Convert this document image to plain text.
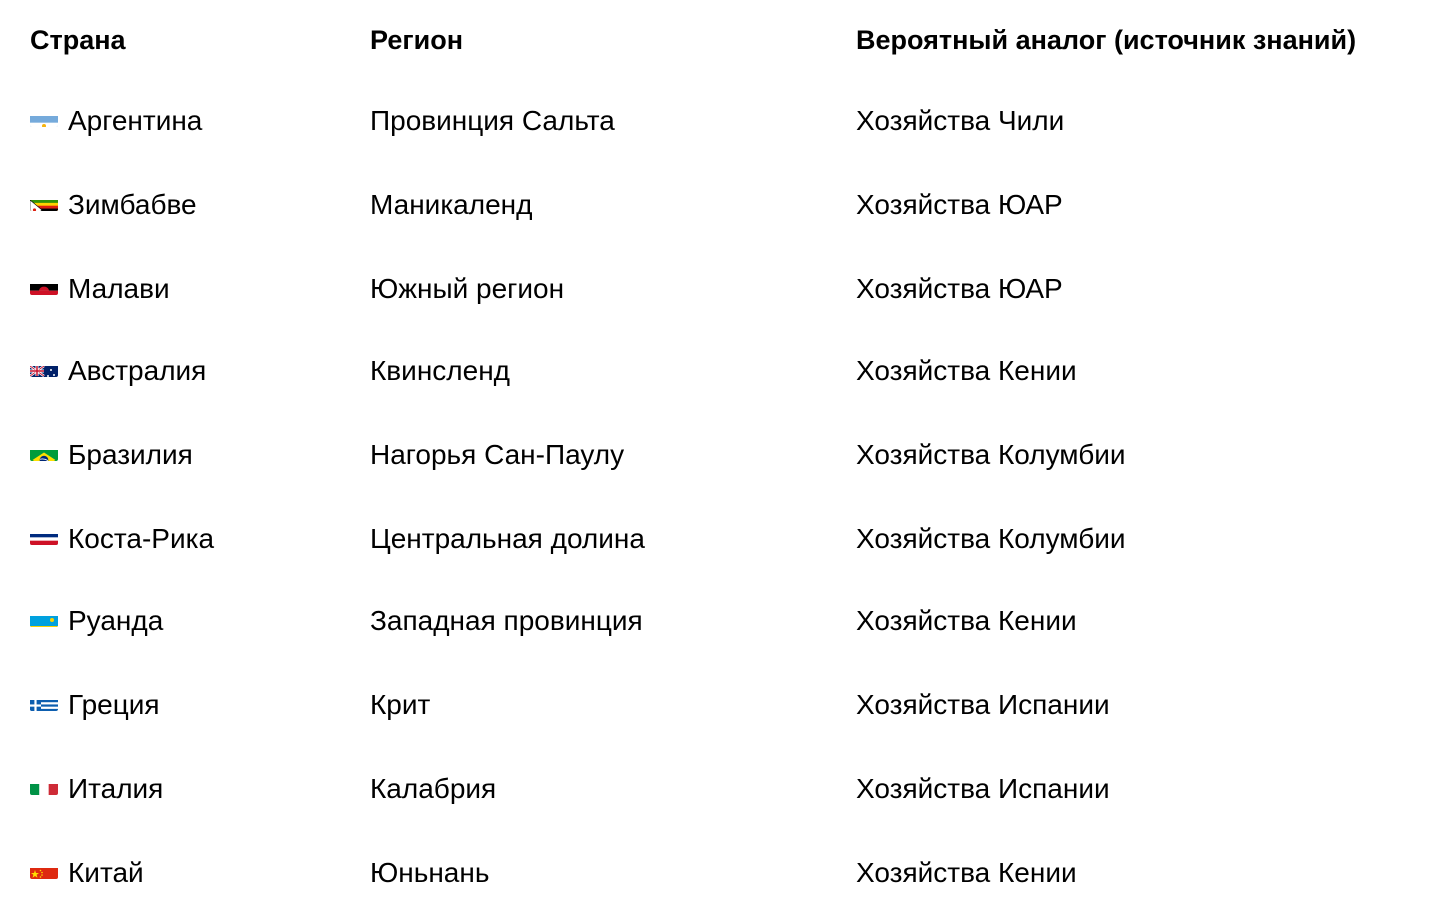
Страна	Регион	Вероятный аналог (источник знаний)
Аргентина	Провинция Сальта	Хозяйства Чили
Зимбабве	Маникаленд	Хозяйства ЮАР
Малави	Южный регион	Хозяйства ЮАР
Австралия	Квинсленд	Хозяйства Кении
Бразилия	Нагорья Сан-Паулу	Хозяйства Колумбии
Коста-Рика	Центральная долина	Хозяйства Колумбии
Руанда	Западная провинция	Хозяйства Кении
Греция	Крит	Хозяйства Испании
Италия	Калабрия	Хозяйства Испании
Китай	Юньнань	Хозяйства Кении
